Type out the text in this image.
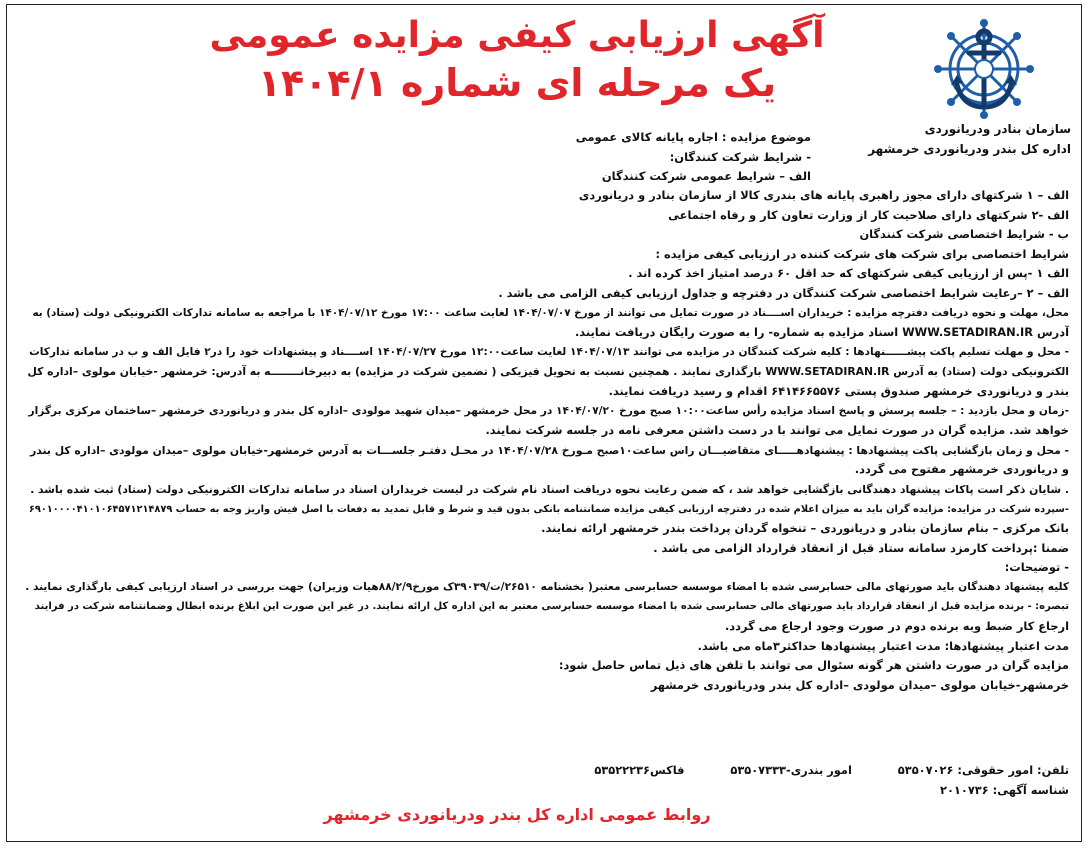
آگهی ارزیابی کیفی مزایده عمومی
یک مرحله ای شماره ۱۴۰۴/۱
سازمان بنادر ودریانوردی
اداره کل بندر ودریانوردی خرمشهر
موضوع مزایده : اجاره پایانه کالای عمومی
- شرایط شرکت کنندگان:
الف – شرایط عمومی شرکت کنندگان

الف – ۱ شرکتهای دارای مجوز راهبری پایانه های بندری کالا از سازمان بنادر و دریانوردی

الف -۲ شرکتهای دارای صلاحیت کار از وزارت تعاون کار و رفاه اجتماعی

ب - شرایط اختصاصی شرکت کنندگان

شرایط اختصاصی برای شرکت های شرکت کننده در ارزیابی کیفی مزایده :

الف ۱ -پس از ارزیابی کیفی شرکتهای که حد اقل ۶۰ درصد امتیاز اخذ کرده اند .

الف – ۲ –رعایت شرایط اختصاصی شرکت کنندگان در دفترچه و جداول ارزیابی کیفی الزامی می باشد .

محل، مهلت و نحوه دریافت دفترچه مزایده : خریداران اســــناد در صورت تمایل می توانند از مورخ ۱۴۰۴/۰۷/۰۷ لغایت ساعت ۱۷:۰۰ مورخ ۱۴۰۴/۰۷/۱۲ با مراجعه به سامانه تدارکات الکترونیکی دولت (ستاد) به

آدرس WWW.SETADIRAN.IR اسناد مزایده به شماره- را به صورت رایگان دریافت نمایند.

- محل و مهلت تسلیم پاکت پیشــــــنهادها : کلیه شرکت کنندگان در مزایده می توانند ۱۴۰۴/۰۷/۱۳ لغایت ساعت۱۲:۰۰ مورخ ۱۴۰۴/۰۷/۲۷ اســــناد و پیشنهادات خود را در۲ فایل الف و ب در سامانه تدارکات

الکترونیکی دولت (ستاد) به آدرس WWW.SETADIRAN.IR بارگذاری نمایند . همچنین نسبت به تحویل فیزیکی ( تضمین شرکت در مزایده) به دبیرخانــــــــه به آدرس: خرمشهر -خیابان مولوی –اداره کل

بندر و دریانوردی خرمشهر صندوق پستی ۶۴۱۴۶۶۵۵۷۶ اقدام و رسید دریافت نمایند.

-زمان و محل بازدید : – جلسه پرسش و پاسخ اسناد مزایده رأس ساعت۱۰:۰۰ صبح مورخ ۱۴۰۴/۰۷/۲۰ در محل خرمشهر –میدان شهید مولودی –اداره کل بندر و دریانوردی خرمشهر –ساختمان مرکزی برگزار

خواهد شد. مزایده گران در صورت تمایل می توانند با در دست داشتن معرفی نامه در جلسه شرکت نمایند.

- محل و زمان بازگشایی پاکت پیشنهادها : پیشنهادهـــــای متقاضیـــان راس ساعت۱۰صبح مـورخ ۱۴۰۴/۰۷/۲۸ در محـل دفتـر جلســـات به آدرس خرمشهر-خیابان مولوی –میدان مولودی –اداره کل بندر

و دریانوردی خرمشهر مفتوح می گردد.

. شایان ذکر است پاکات پیشنهاد دهندگانی بازگشایی خواهد شد ، که ضمن رعایت نحوه دریافت اسناد نام شرکت در لیست خریداران اسناد در سامانه تدارکات الکترونیکی دولت (ستاد) ثبت شده باشد .

-سپرده شرکت در مزایده: مزایده گران باید به میزان اعلام شده در دفترچه ارزیابی کیفی مزایده ضمانتنامه بانکی بدون قید و شرط و قابل تمدید به دفعات با اصل فیش واریز وجه به حساب ۶۹۰۱۰۰۰۰۴۱۰۱۰۶۴۵۷۱۲۱۴۸۷۹

بانک مرکزی – بنام سازمان بنادر و دریانوردی – تنخواه گردان پرداخت بندر خرمشهر ارائه نمایند.

ضمنا :پرداخت کارمزد سامانه ستاد قبل از انعقاد قرارداد الزامی می باشد .

- توضیحات:

کلیه پیشنهاد دهندگان باید صورتهای مالی حسابرسی شده با امضاء موسسه حسابرسی معتبر( بخشنامه ۲۶۵۱۰/ت/۳۹۰۳۹ک مورخ۸۸/۲/۹هیات وزیران) جهت بررسی در اسناد ارزیابی کیفی بارگذاری نمایند .

تبصره: - برنده مزایده قبل از انعقاد قرارداد باید صورتهای مالی حسابرسی شده با امضاء موسسه حسابرسی معتبر به این اداره کل ارائه نمایند. در غیر این صورت این ابلاغ برنده ابطال وضمانتنامه شرکت در فرایند

ارجاع کار ضبط وبه برنده دوم در صورت وجود ارجاع می گردد.

مدت اعتبار پیشنهادها: مدت اعتبار پیشنهادها حداکثر۳ماه می باشد.

مزایده گران در صورت داشتن هر گونه سئوال می توانند با تلفن های ذیل تماس حاصل شود:

خرمشهر-خیابان مولوی –میدان مولودی –اداره کل بندر ودریانوردی خرمشهر

تلفن: امور حقوقی: ۵۳۵۰۷۰۲۶  امور بندری-۵۳۵۰۷۳۳۳  فاکس۵۳۵۲۲۲۳۶
شناسه آگهی: ۲۰۱۰۷۳۶
روابط عمومی اداره کل بندر ودریانوردی خرمشهر
